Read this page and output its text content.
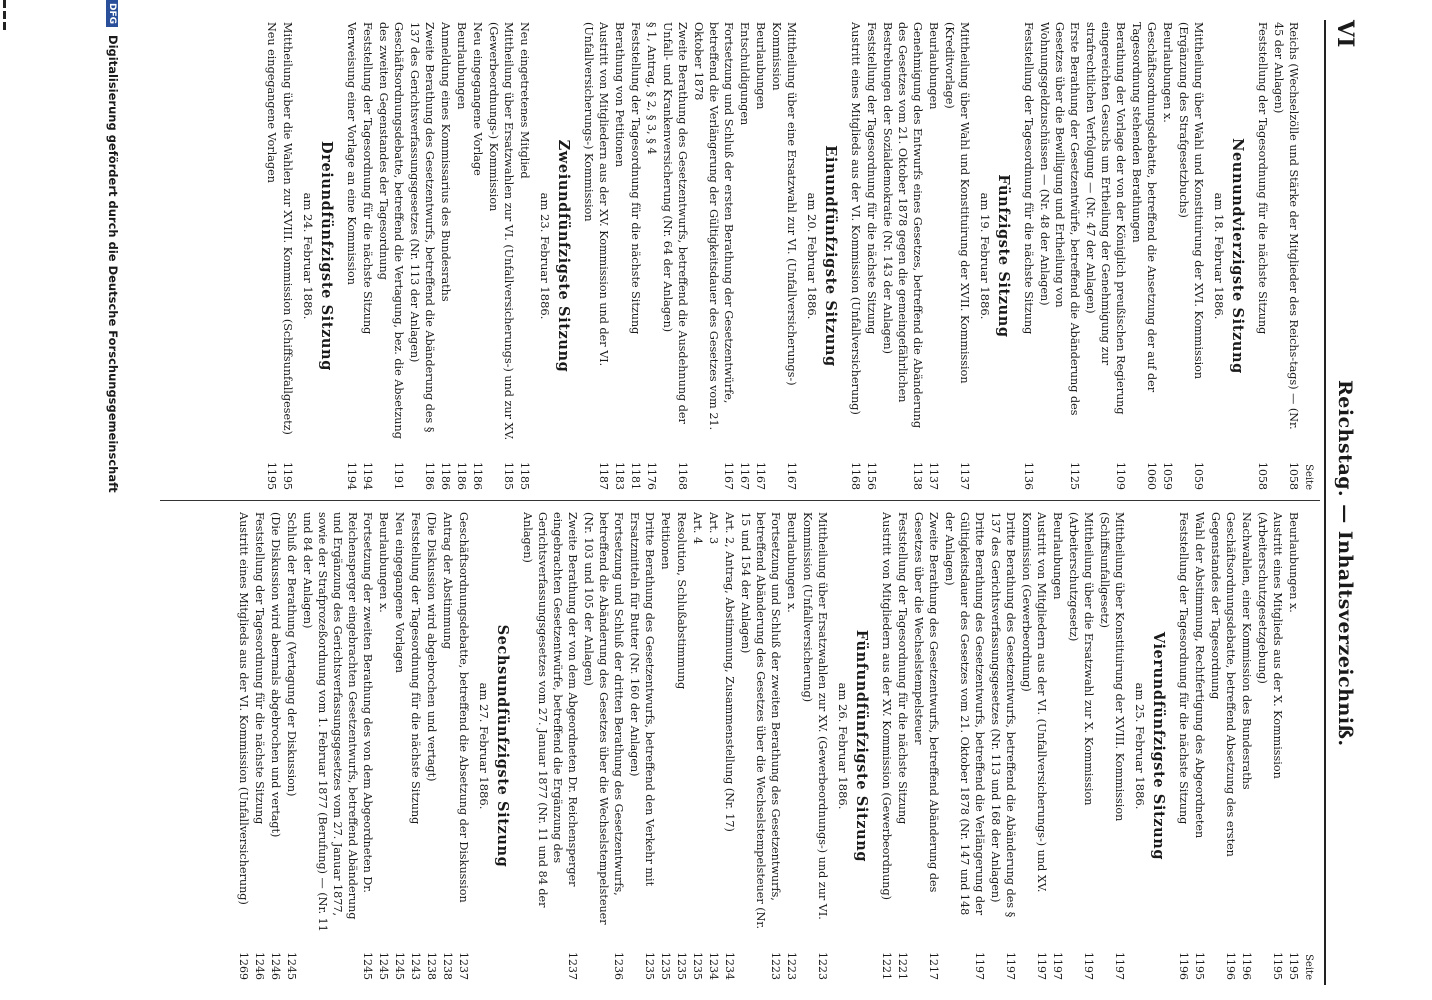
VI
Reichstag. — Inhaltsverzeichniß.
Seite
Reichs (Wechselzölle und Stärke der Mitglieder des Reichs-tags) — (Nr. 45 der Anlagen) . . .
1058
Feststellung der Tagesordnung für die nächste Sitzung . . .
1058
Neunundvierzigste Sitzung
am 18. Februar 1886.
Mittheilung über Wahl und Konstituirung der XVI. Kommission (Ergänzung des Strafgesetzbuchs) . . .
1059
Beurlaubungen x. . . .
1059
Geschäftsordnungsdebatte, betreffend die Ansetzung der auf der Tagesordnung stehenden Berathungen . . .
1060
Berathung der Vorlage der von der Königlich preußischen Regierung eingereichten Gesuchs um Ertheilung der Genehmigung zur strafrechtlichen Verfolgung — (Nr. 47 der Anlagen) . . .
1109
Erste Berathung der Gesetzentwürfe, betreffend die Abänderung des Gesetzes über die Bewilligung und Ertheilung von Wohnungsgeldzuschüssen — (Nr. 48 der Anlagen) . . .
1125
Feststellung der Tagesordnung für die nächste Sitzung . . .
1136
Fünfzigste Sitzung
am 19. Februar 1886.
Mittheilung über Wahl und Konstituirung der XVII. Kommission (Kreditvorlage) . . .
1137
Beurlaubungen . . .
1137
Genehmigung des Entwurfs eines Gesetzes, betreffend die Abänderung des Gesetzes vom 21. Oktober 1878 gegen die gemeingefährlichen Bestrebungen der Sozialdemokratie (Nr. 143 der Anlagen) . . .
1138
Feststellung der Tagesordnung für die nächste Sitzung . . .
1156
Austritt eines Mitglieds aus der VI. Kommission (Unfallversicherung) . . .
1168
Einundfünfzigste Sitzung
am 20. Februar 1886.
Mittheilung über eine Ersatzwahl zur VI. (Unfallversicherungs-) Kommission . . .
1167
Beurlaubungen . . .
1167
Entschuldigungen . . .
1167
Fortsetzung und Schluß der ersten Berathung der Gesetzentwürfe, betreffend die Verlängerung der Gültigkeitsdauer des Gesetzes vom 21. Oktober 1878 . . .
1167
Zweite Berathung des Gesetzentwurfs, betreffend die Ausdehnung der Unfall- und Krankenversicherung (Nr. 64 der Anlagen) . . .
1168
§ 1, Antrag, § 2, § 3, § 4 . . .
1176
Feststellung der Tagesordnung für die nächste Sitzung . . .
1181
Berathung von Petitionen . . .
1183
Austritt von Mitgliedern aus der XV. Kommission und der VI. (Unfallversicherungs-) Kommission . . .
1187
Zweiundfünfzigste Sitzung
am 23. Februar 1886.
Neu eingetretenes Mitglied . . .
1185
Mittheilung über Ersatzwahlen zur VI. (Unfallversicherungs-) und zur XV. (Gewerbeordnungs-) Kommission . . .
1185
Neu eingegangene Vorlage . . .
1186
Beurlaubungen . . .
1186
Anmeldung eines Kommissarius des Bundesraths . . .
1186
Zweite Berathung des Gesetzentwurfs, betreffend die Abänderung des § 137 des Gerichtsverfassungsgesetzes (Nr. 113 der Anlagen) . . .
1186
Geschäftsordnungsdebatte, betreffend die Vertagung, bez. die Absetzung des zweiten Gegenstandes der Tagesordnung . . .
1191
Feststellung der Tagesordnung für die nächste Sitzung . . .
1194
Verweisung einer Vorlage an eine Kommission . . .
1194
Dreiundfünfzigste Sitzung
am 24. Februar 1886.
Mittheilung über die Wahlen zur XVIII. Kommission (Schiffsunfallgesetz) . . .
1195
Neu eingegangene Vorlagen . . .
1195
Seite
Beurlaubungen x. . . .
1195
Austritt eines Mitglieds aus der X. Kommission (Arbeiterschutzgesetzgebung) . . .
1195
Nachwahlen, einer Kommission des Bundesraths . . .
1196
Geschäftsordnungsdebatte, betreffend Absetzung des ersten Gegenstandes der Tagesordnung . . .
1196
Wahl der Abstimmung, Rechtfertigung des Abgeordneten . . .
1195
Feststellung der Tagesordnung für die nächste Sitzung . . .
1196
Vierundfünfzigste Sitzung
am 25. Februar 1886.
Mittheilung über Konstituirung der XVIII. Kommission (Schiffsunfallgesetz) . . .
1197
Mittheilung über die Ersatzwahl zur X. Kommission (Arbeiterschutzgesetz) . . .
1197
Beurlaubungen . . .
1197
Austritt von Mitgliedern aus der VI. (Unfallversicherungs-) und XV. Kommission (Gewerbeordnung) . . .
1197
Dritte Berathung des Gesetzentwurfs, betreffend die Abänderung des § 137 des Gerichtsverfassungsgesetzes (Nr. 113 und 168 der Anlagen) . . .
1197
Dritte Berathung des Gesetzentwurfs, betreffend die Verlängerung der Gültigkeitsdauer des Gesetzes vom 21. Oktober 1878 (Nr. 147 und 148 der Anlagen) . . .
1197
Zweite Berathung des Gesetzentwurfs, betreffend Abänderung des Gesetzes über die Wechselstempelsteuer . . .
1217
Feststellung der Tagesordnung für die nächste Sitzung . . .
1221
Austritt von Mitgliedern aus der XV. Kommission (Gewerbeordnung) . . .
1221
Fünfundfünfzigste Sitzung
am 26. Februar 1886.
Mittheilung über Ersatzwahlen zur XV. (Gewerbeordnungs-) und zur VI. Kommission (Unfallversicherung) . . .
1223
Beurlaubungen x. . . .
1223
Fortsetzung und Schluß der zweiten Berathung des Gesetzentwurfs, betreffend Abänderung des Gesetzes über die Wechselstempelsteuer (Nr. 15 und 154 der Anlagen) . . .
1223
Art. 2, Antrag, Abstimmung, Zusammenstellung (Nr. 17) . . .
1234
Art. 3 . . .
1234
Art. 4 . . .
1235
Resolution, Schlußabstimmung . . .
1235
Petitionen . . .
1235
Dritte Berathung des Gesetzentwurfs, betreffend den Verkehr mit Ersatzmitteln für Butter (Nr. 160 der Anlagen) . . .
1235
Fortsetzung und Schluß der dritten Berathung des Gesetzentwurfs, betreffend die Abänderung des Gesetzes über die Wechselstempelsteuer (Nr. 103 und 105 der Anlagen) . . .
1236
Zweite Berathung der von dem Abgeordneten Dr. Reichensperger eingebrachten Gesetzentwürfe, betreffend die Ergänzung des Gerichtsverfassungsgesetzes vom 27. Januar 1877 (Nr. 11 und 84 der Anlagen) . . .
1237
Sechsundfünfzigste Sitzung
am 27. Februar 1886.
Geschäftsordnungsdebatte, betreffend die Absetzung der Diskussion . . .
1237
Antrag der Abstimmung . . .
1238
(Die Diskussion wird abgebrochen und vertagt) . . .
1238
Feststellung der Tagesordnung für die nächste Sitzung . . .
1243
Neu eingegangene Vorlagen . . .
1245
Beurlaubungen x. . . .
1245
Fortsetzung der zweiten Berathung des von dem Abgeordneten Dr. Reichensperger eingebrachten Gesetzentwurfs, betreffend Abänderung und Ergänzung des Gerichtsverfassungsgesetzes vom 27. Januar 1877, sowie der Strafprozeßordnung vom 1. Februar 1877 (Berufung) — (Nr. 11 und 84 der Anlagen) . . .
1245
Schluß der Berathung (Vertagung der Diskussion) . . .
1245
(Die Diskussion wird abermals abgebrochen und vertagt) . . .
1246
Feststellung der Tagesordnung für die nächste Sitzung . . .
1246
Austritt eines Mitglieds aus der VI. Kommission (Unfallversicherung) . . .
1269
DFG Digitalisierung gefördert durch die Deutsche Forschungsgemeinschaft
